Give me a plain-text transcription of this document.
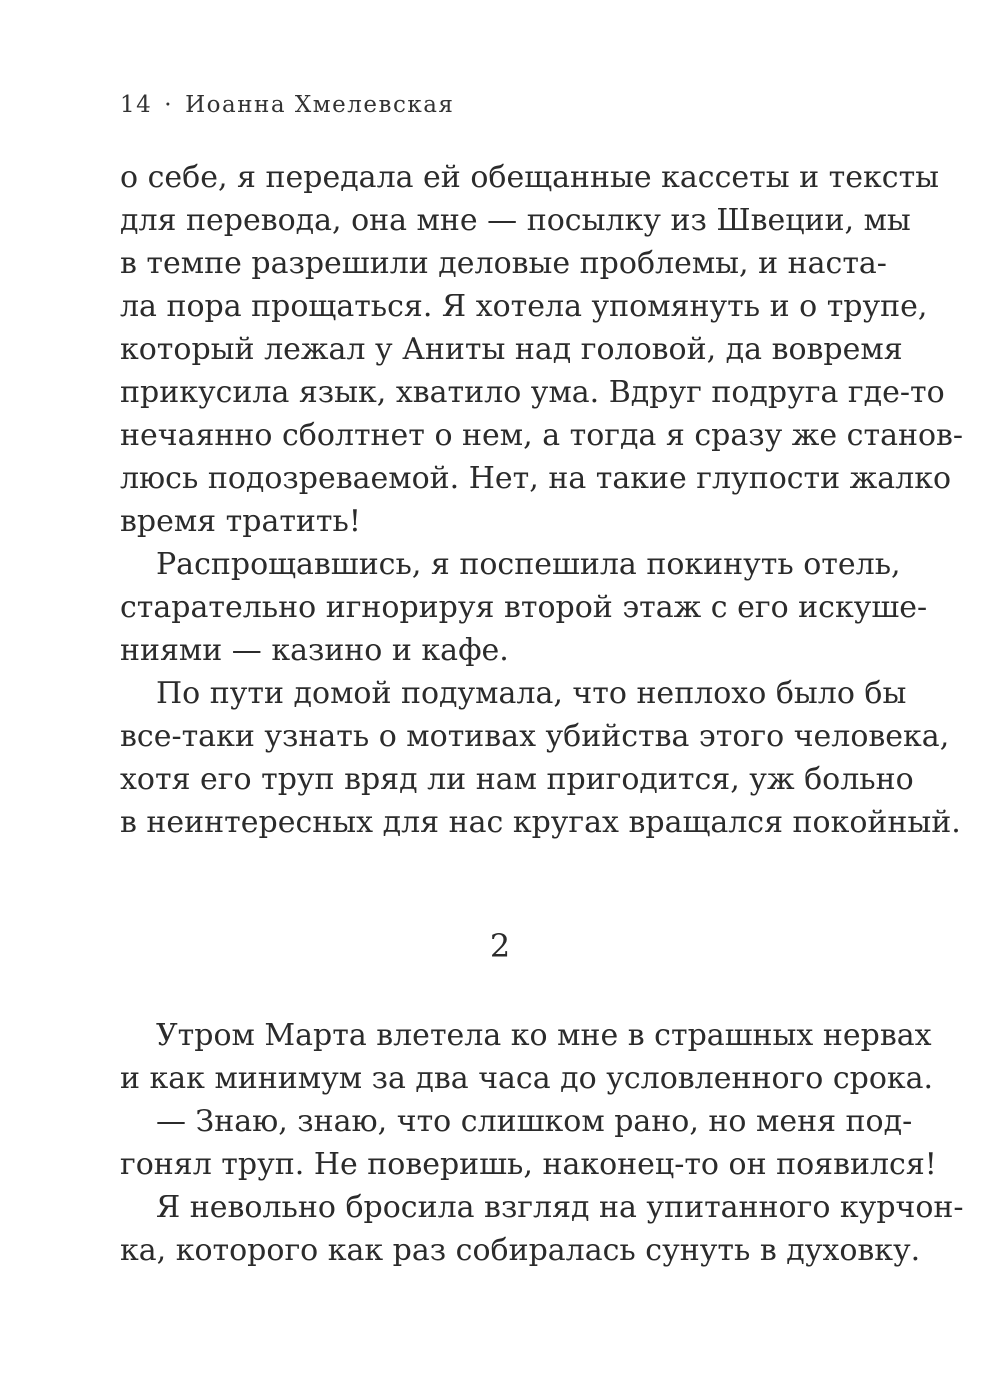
14 · Иоанна Хмелевская
о себе, я передала ей обещанные кассеты и тексты
для перевода, она мне — посылку из Швеции, мы
в темпе разрешили деловые проблемы, и наста-
ла пора прощаться. Я хотела упомянуть и о трупе,
который лежал у Аниты над головой, да вовремя
прикусила язык, хватило ума. Вдруг подруга где-то
нечаянно сболтнет о нем, а тогда я сразу же станов-
люсь подозреваемой. Нет, на такие глупости жалко
время тратить!
Распрощавшись, я поспешила покинуть отель,
старательно игнорируя второй этаж с его искуше-
ниями — казино и кафе.
По пути домой подумала, что неплохо было бы
все-таки узнать о мотивах убийства этого человека,
хотя его труп вряд ли нам пригодится, уж больно
в неинтересных для нас кругах вращался покойный.
2
Утром Марта влетела ко мне в страшных нервах
и как минимум за два часа до условленного срока.
— Знаю, знаю, что слишком рано, но меня под-
гонял труп. Не поверишь, наконец-то он появился!
Я невольно бросила взгляд на упитанного курчон-
ка, которого как раз собиралась сунуть в духовку.
